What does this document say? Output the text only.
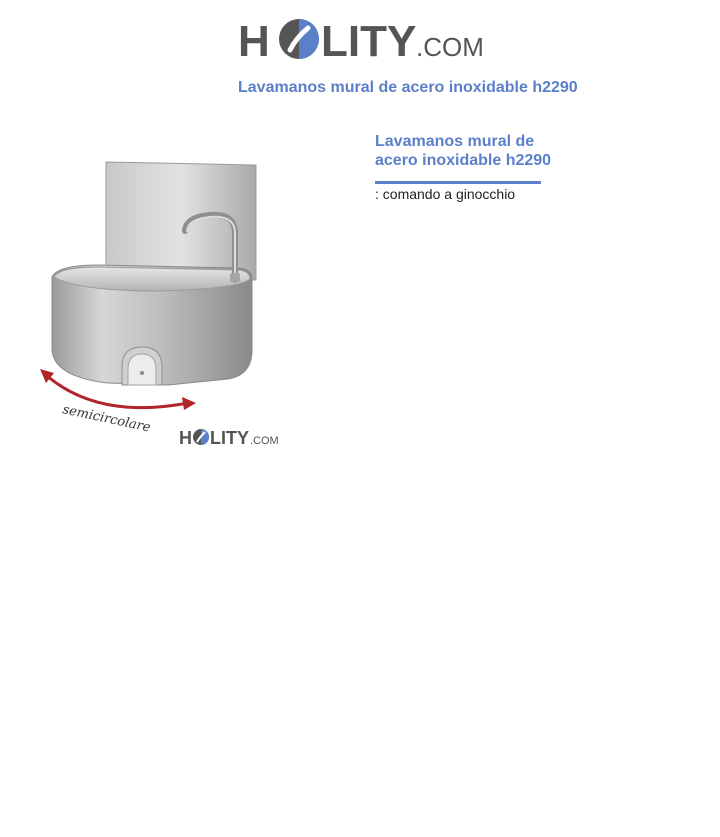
H LITY .COM
Lavamanos mural de acero inoxidable h2290
semicircolare
H LITY .COM
Lavamanos mural de
acero inoxidable h2290
: comando a ginocchio
